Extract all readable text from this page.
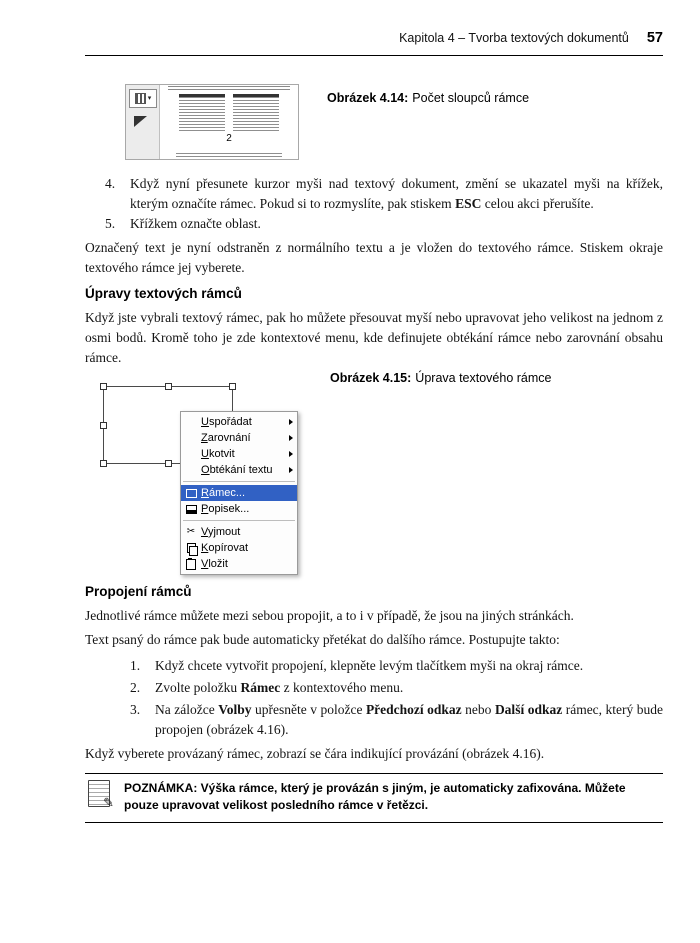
Kapitola 4 – Tvorba textových dokumentů 57
▾
2
Obrázek 4.14: Počet sloupců rámce
4.	Když nyní přesunete kurzor myši nad textový dokument, změní se ukazatel myši na křížek, kterým označíte rámec. Pokud si to rozmyslíte, pak stiskem ESC celou akci přerušíte.
5.	Křížkem označte oblast.

Označený text je nyní odstraněn z normálního textu a je vložen do textového rámce. Stiskem okraje textového rámce jej vyberete.

Úpravy textových rámců

Když jste vybrali textový rámec, pak ho můžete přesouvat myší nebo upravovat jeho velikost na jednom z osmi bodů. Kromě toho je zde kontextové menu, kde definujete obtékání rámce nebo zarovnání obsahu rámce.

Obrázek 4.15: Úprava textového rámce
Uspořádat
Zarovnání
Ukotvit
Obtékání textu
Rámec...
Popisek...
✂ Vyjmout
Kopírovat
Vložit
Propojení rámců

Jednotlivé rámce můžete mezi sebou propojit, a to i v případě, že jsou na jiných stránkách.

Text psaný do rámce pak bude automaticky přetékat do dalšího rámce. Postupujte takto:

1.	Když chcete vytvořit propojení, klepněte levým tlačítkem myši na okraj rámce.
2.	Zvolte položku Rámec z kontextového menu.
3.	Na záložce Volby upřesněte v položce Předchozí odkaz nebo Další odkaz rámec, který bude propojen (obrázek 4.16).

Když vyberete provázaný rámec, zobrazí se čára indikující provázání (obrázek 4.16).

✎
POZNÁMKA: Výška rámce, který je provázán s jiným, je automaticky zafixována. Můžete pouze upravovat velikost posledního rámce v řetězci.
